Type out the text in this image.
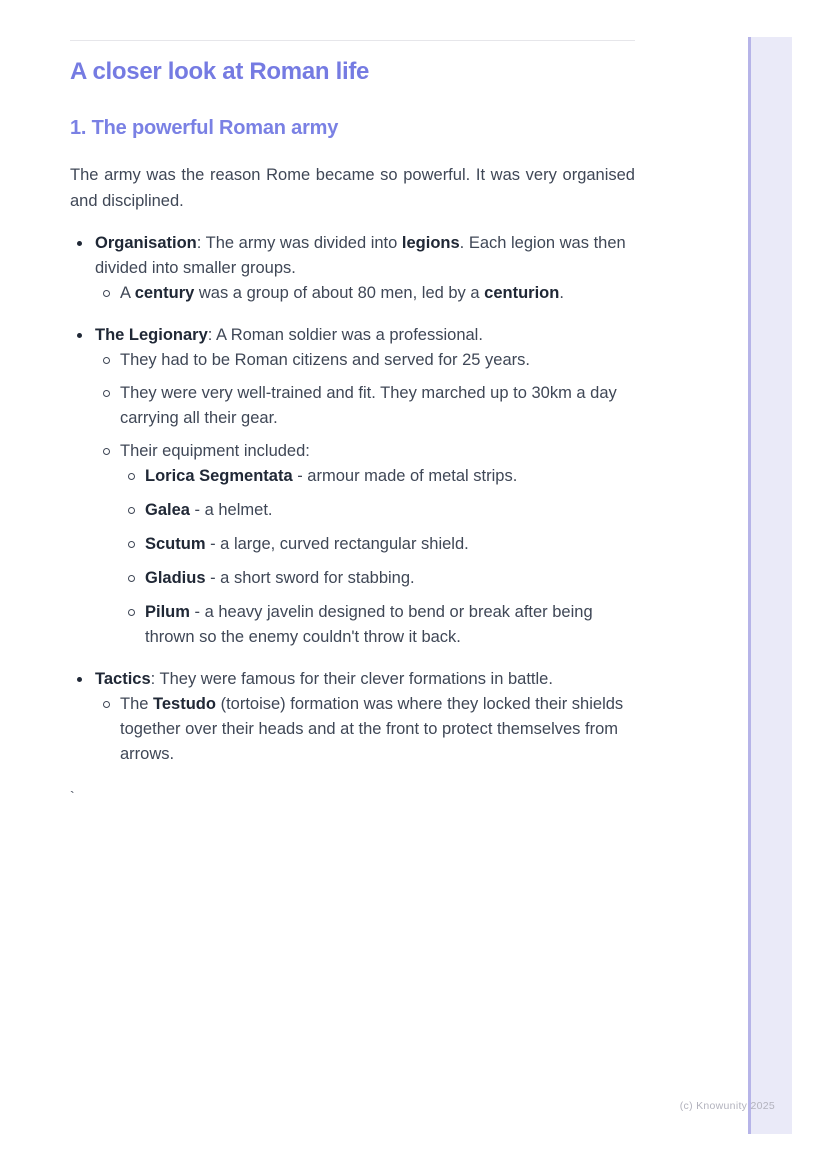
A closer look at Roman life
1. The powerful Roman army

The army was the reason Rome became so powerful. It was very organised and disciplined.

Organisation: The army was divided into legions. Each legion was then divided into smaller groups.
A century was a group of about 80 men, led by a centurion.
The Legionary: A Roman soldier was a professional.
They had to be Roman citizens and served for 25 years.
They were very well-trained and fit. They marched up to 30km a day carrying all their gear.
Their equipment included:
Lorica Segmentata - armour made of metal strips.
Galea - a helmet.
Scutum - a large, curved rectangular shield.
Gladius - a short sword for stabbing.
Pilum - a heavy javelin designed to bend or break after being thrown so the enemy couldn't throw it back.
Tactics: They were famous for their clever formations in battle.
The Testudo (tortoise) formation was where they locked their shields together over their heads and at the front to protect themselves from arrows.
`
(c) Knowunity 2025
